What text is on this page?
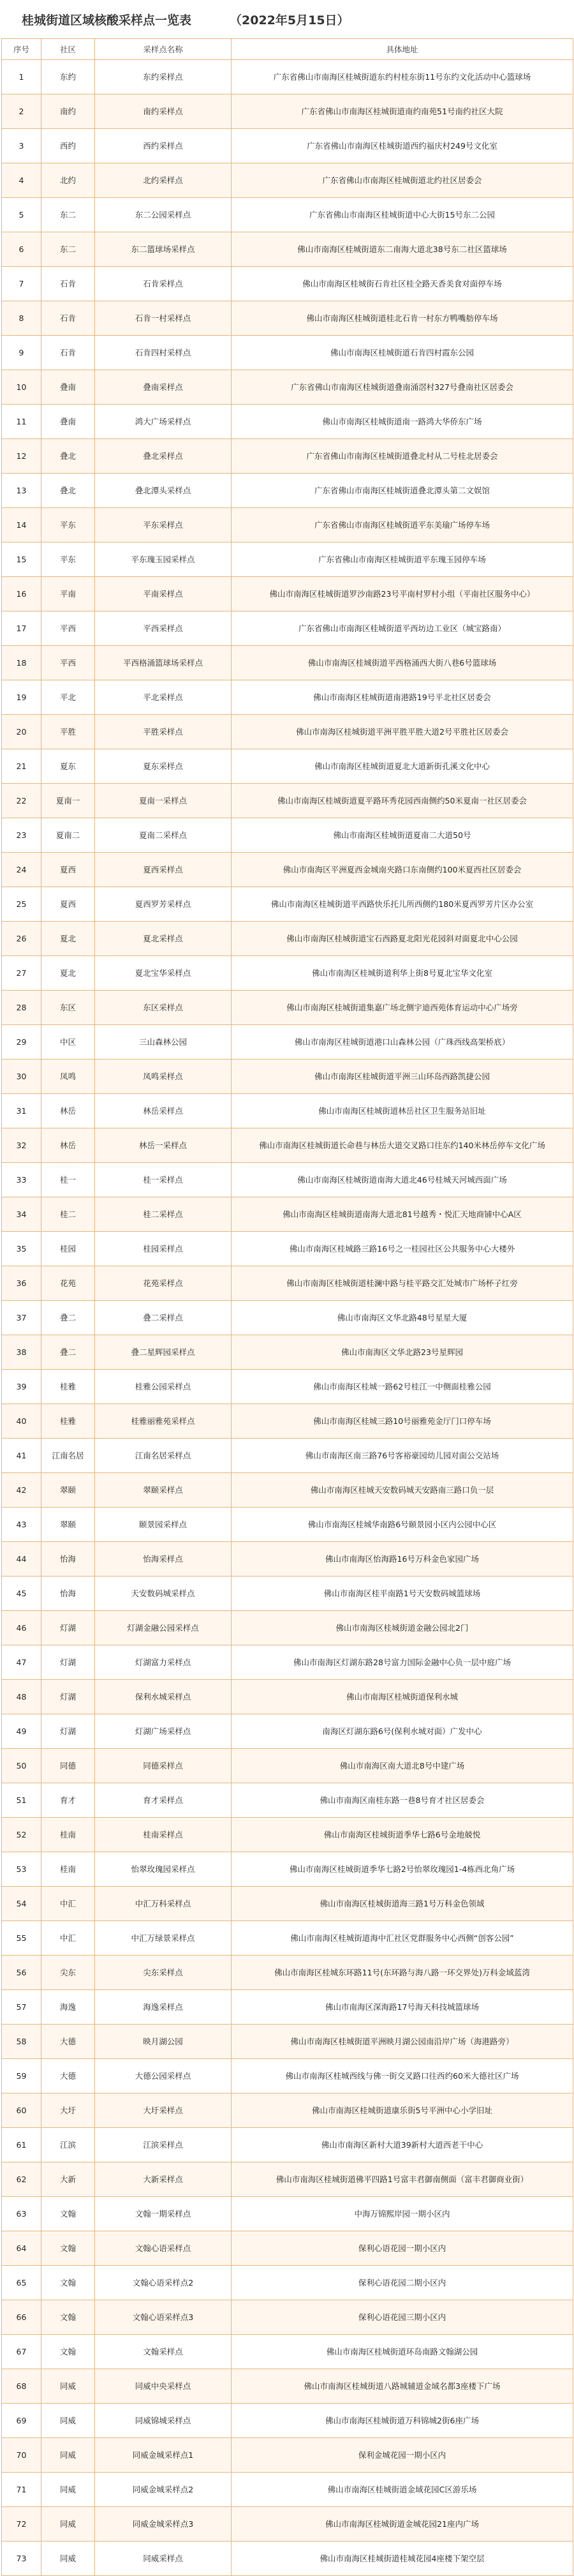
桂城街道区域核酸采样点一览表	（2022年5月15日）
序号	社区	采样点名称	具体地址
1	东约	东约采样点	广东省佛山市南海区桂城街道东约村桂东街11号东约文化活动中心篮球场
2	南约	南约采样点	广东省佛山市南海区桂城街道南约南苑51号南约社区大院
3	西约	西约采样点	广东省佛山市南海区桂城街道西约福庆村249号文化室
4	北约	北约采样点	广东省佛山市南海区桂城街道北约社区居委会
5	东二	东二公园采样点	广东省佛山市南海区桂城街道中心大街15号东二公园
6	东二	东二篮球场采样点	佛山市南海区桂城街道东二南海大道北38号东二社区篮球场
7	石肯	石肯采样点	佛山市南海区桂城街石肯社区桂全路天香美食对面停车场
8	石肯	石肯一村采样点	佛山市南海区桂城街道桂北石肯一村东方鸭嘴舫停车场
9	石肯	石肯四村采样点	佛山市南海区桂城街道石肯四村霞东公园
10	叠南	叠南采样点	广东省佛山市南海区桂城街道叠南涌滘村327号叠南社区居委会
11	叠南	鸿大广场采样点	佛山市南海区桂城街道南一路鸿大华侨东广场
12	叠北	叠北采样点	广东省佛山市南海区桂城街道叠北村从二号桂北居委会
13	叠北	叠北潭头采样点	广东省佛山市南海区桂城街道叠北潭头第二文娱馆
14	平东	平东采样点	广东省佛山市南海区桂城街道平东美瑜广场停车场
15	平东	平东瑰玉园采样点	广东省佛山市南海区桂城街道平东瑰玉园停车场
16	平南	平南采样点	佛山市南海区桂城街道罗沙南路23号平南村罗村小组（平南社区服务中心）
17	平西	平西采样点	广东省佛山市南海区桂城街道平西坊边工业区（城宝路南）
18	平西	平西格涌篮球场采样点	佛山市南海区桂城街道平西格涌西大街八巷6号篮球场
19	平北	平北采样点	佛山市南海区桂城街道南港路19号平北社区居委会
20	平胜	平胜采样点	佛山市南海区桂城街道平洲平胜平胜大道2号平胜社区居委会
21	夏东	夏东采样点	佛山市南海区桂城街道夏北大道新街孔溪文化中心
22	夏南一	夏南一采样点	佛山市南海区桂城街道夏平路环秀花园西南侧约50米夏南一社区居委会
23	夏南二	夏南二采样点	佛山市南海区桂城街道夏南二大道50号
24	夏西	夏西采样点	佛山市南海区平洲夏西金城南夹路口东南侧约100米夏西社区居委会
25	夏西	夏西罗芳采样点	佛山市南海区桂城街道平西路快乐托儿所西侧约180米夏西罗芳片区办公室
26	夏北	夏北采样点	佛山市南海区桂城街道宝石西路夏北阳光花园斜对面夏北中心公园
27	夏北	夏北宝华采样点	佛山市南海区桂城街道利华上街8号夏北宝华文化室
28	东区	东区采样点	佛山市南海区桂城街道集嘉广场北侧宇迪西苑体育运动中心广场旁
29	中区	三山森林公园	佛山市南海区桂城街道港口山森林公园（广珠西线高架桥底）
30	凤鸣	凤鸣采样点	佛山市南海区桂城街道平洲三山环岛西路凯捷公园
31	林岳	林岳采样点	佛山市南海区桂城街道林岳社区卫生服务站旧址
32	林岳	林岳一采样点	佛山市南海区桂城街道长命巷与林岳大道交叉路口往东约140米林岳停车文化广场
33	桂一	桂一采样点	佛山市南海区桂城街道南海大道北46号桂城天河城西面广场
34	桂二	桂二采样点	佛山市南海区桂城街道南海大道北81号越秀・悦汇天地商铺中心A区
35	桂园	桂园采样点	佛山市南海区桂城路三路16号之一桂园社区公共服务中心大楼外
36	花苑	花苑采样点	佛山市南海区桂城街道桂澜中路与桂平路交汇处城市广场杯子红旁
37	叠二	叠二采样点	佛山市南海区文华北路48号星星大厦
38	叠二	叠二星辉园采样点	佛山市南海区文华北路23号星辉园
39	桂雅	桂雅公园采样点	佛山市南海区桂城一路62号桂江一中侧面桂雅公园
40	桂雅	桂雅丽雅苑采样点	佛山市南海区桂城三路10号丽雅苑金厅门口停车场
41	江南名居	江南名居采样点	佛山市南海区南三路76号客裕豪园幼儿园对面公交站场
42	翠颐	翠颐采样点	佛山市南海区桂城天安数码城天安路南三路口负一层
43	翠颐	颐景园采样点	佛山市南海区桂城华南路6号颐景园小区内公园中心区
44	怡海	怡海采样点	佛山市南海区怡海路16号万科金色家园广场
45	怡海	天安数码城采样点	佛山市南海区桂平南路1号天安数码城篮球场
46	灯湖	灯湖金融公园采样点	佛山市南海区桂城街道金融公园北2门
47	灯湖	灯湖富力采样点	佛山市南海区灯湖东路28号富力国际金融中心负一层中庭广场
48	灯湖	保利水城采样点	佛山市南海区桂城街道保利水城
49	灯湖	灯湖广场采样点	南海区灯湖东路6号(保利水城对面）广发中心
50	同德	同德采样点	佛山市南海区南大道北8号中建广场
51	育才	育才采样点	佛山市南海区南桂东路一巷8号育才社区居委会
52	桂南	桂南采样点	佛山市南海区桂城街道季华七路6号金地兢悦
53	桂南	怡翠玫瑰园采样点	佛山市南海区桂城街道季华七路2号怡翠玫瑰园1-4栋西北角广场
54	中汇	中汇万科采样点	佛山市南海区桂城街道海三路1号万科金色领域
55	中汇	中汇万绿景采样点	佛山市南海区桂城街道海中汇社区党群服务中心西侧“创客公园”
56	尖东	尖东采样点	佛山市南海区桂城东环路11号(东环路与海八路一环交界处)万科金域蓝湾
57	海逸	海逸采样点	佛山市南海区深海路17号海天科技城篮球场
58	大德	映月湖公园	佛山市南海区桂城街道平洲映月湖公园南沿岸广场（海港路旁）
59	大德	大德公园采样点	佛山市南海区桂城西线与佛一街交叉路口往西约60米大德社区广场
60	大圩	大圩采样点	佛山市南海区桂城街道康乐街5号平洲中心小学旧址
61	江滨	江滨采样点	佛山市南海区新村大道39新村大道西老干中心
62	大新	大新采样点	佛山市南海区桂城街道佛平四路1号富丰君御南侧面（富丰君御商业街）
63	文翰	文翰一期采样点	中海万锦熙岸园一期小区内
64	文翰	文翰心语采样点	保利心语花园一期小区内
65	文翰	文翰心语采样点2	保利心语花园二期小区内
66	文翰	文翰心语采样点3	保利心语花园三期小区内
67	文翰	文翰采样点	佛山市南海区桂城街道环岛南路文翰湖公园
68	同威	同威中央采样点	佛山市南海区桂城街道八路城辅道金域名都3座楼下广场
69	同威	同威锦城采样点	佛山市南海区桂城街道万科锦城2街6座广场
70	同威	同威金城采样点1	保利金城花园一期小区内
71	同威	同威金城采样点2	佛山市南海区桂城街道金域花园C区游乐场
72	同威	同威金城采样点3	佛山市南海区桂城街道金城花园21座内广场
73	同威	同威采样点	佛山市南海区桂城街道桂城花园4座楼下架空层
